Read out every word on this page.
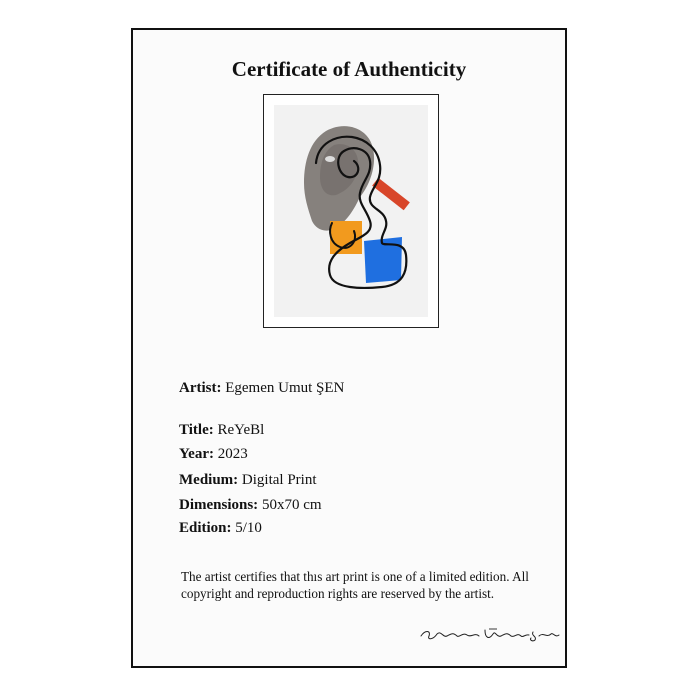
Certificate of Authenticity
Artist: Egemen Umut ŞEN
Title: ReYeBl
Year: 2023
Medium: Digital Print
Dimensions: 50x70 cm
Edition: 5/10
The artist certifies that thıs art print is one of a limited edition. All copyright and reproduction rights are reserved by the artist.
